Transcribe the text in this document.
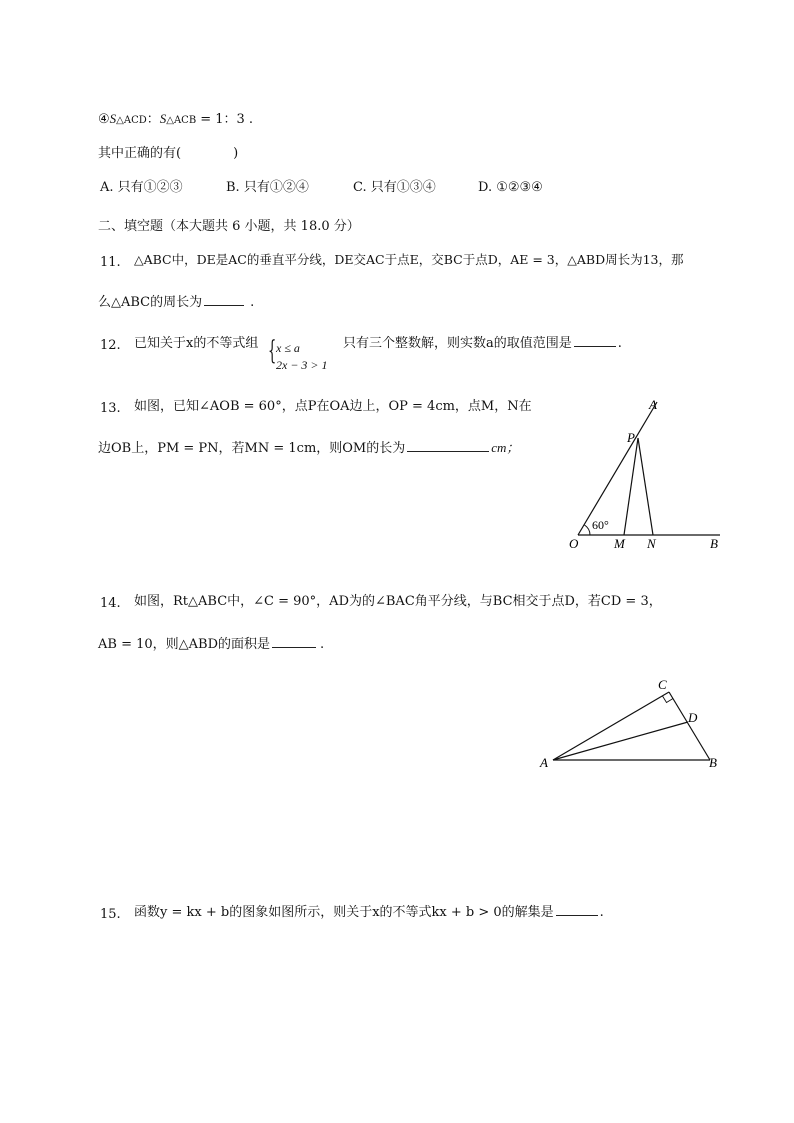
④S△ACD：S△ACB = 1：3 .
其中正确的有(　　　　)
A. 只有①②③	B. 只有①②④	C. 只有①③④	D. ①②③④
二、填空题（本大题共 6 小题，共 18.0 分）
11. △ABC中，DE是AC的垂直平分线，DE交AC于点E，交BC于点D，AE = 3，△ABD周长为13，那
么△ABC的周长为	.
12. 已知关于x的不等式组 { x ≤ a
2x − 3 > 1
只有三个整数解，则实数a的取值范围是	.
13. 如图，已知∠AOB = 60°，点P在OA边上，OP = 4cm，点M，N在
边OB上，PM = PN，若MN = 1cm，则OM的长为	cm；
A
P
60°
O	M N	B
14. 如图，Rt△ABC中，∠C = 90°，AD为的∠BAC角平分线，与BC相交于点D，若CD = 3，
AB = 10，则△ABD的面积是	.
C
D
A	B
15. 函数y = kx + b的图象如图所示，则关于x的不等式kx + b > 0的解集是	.
